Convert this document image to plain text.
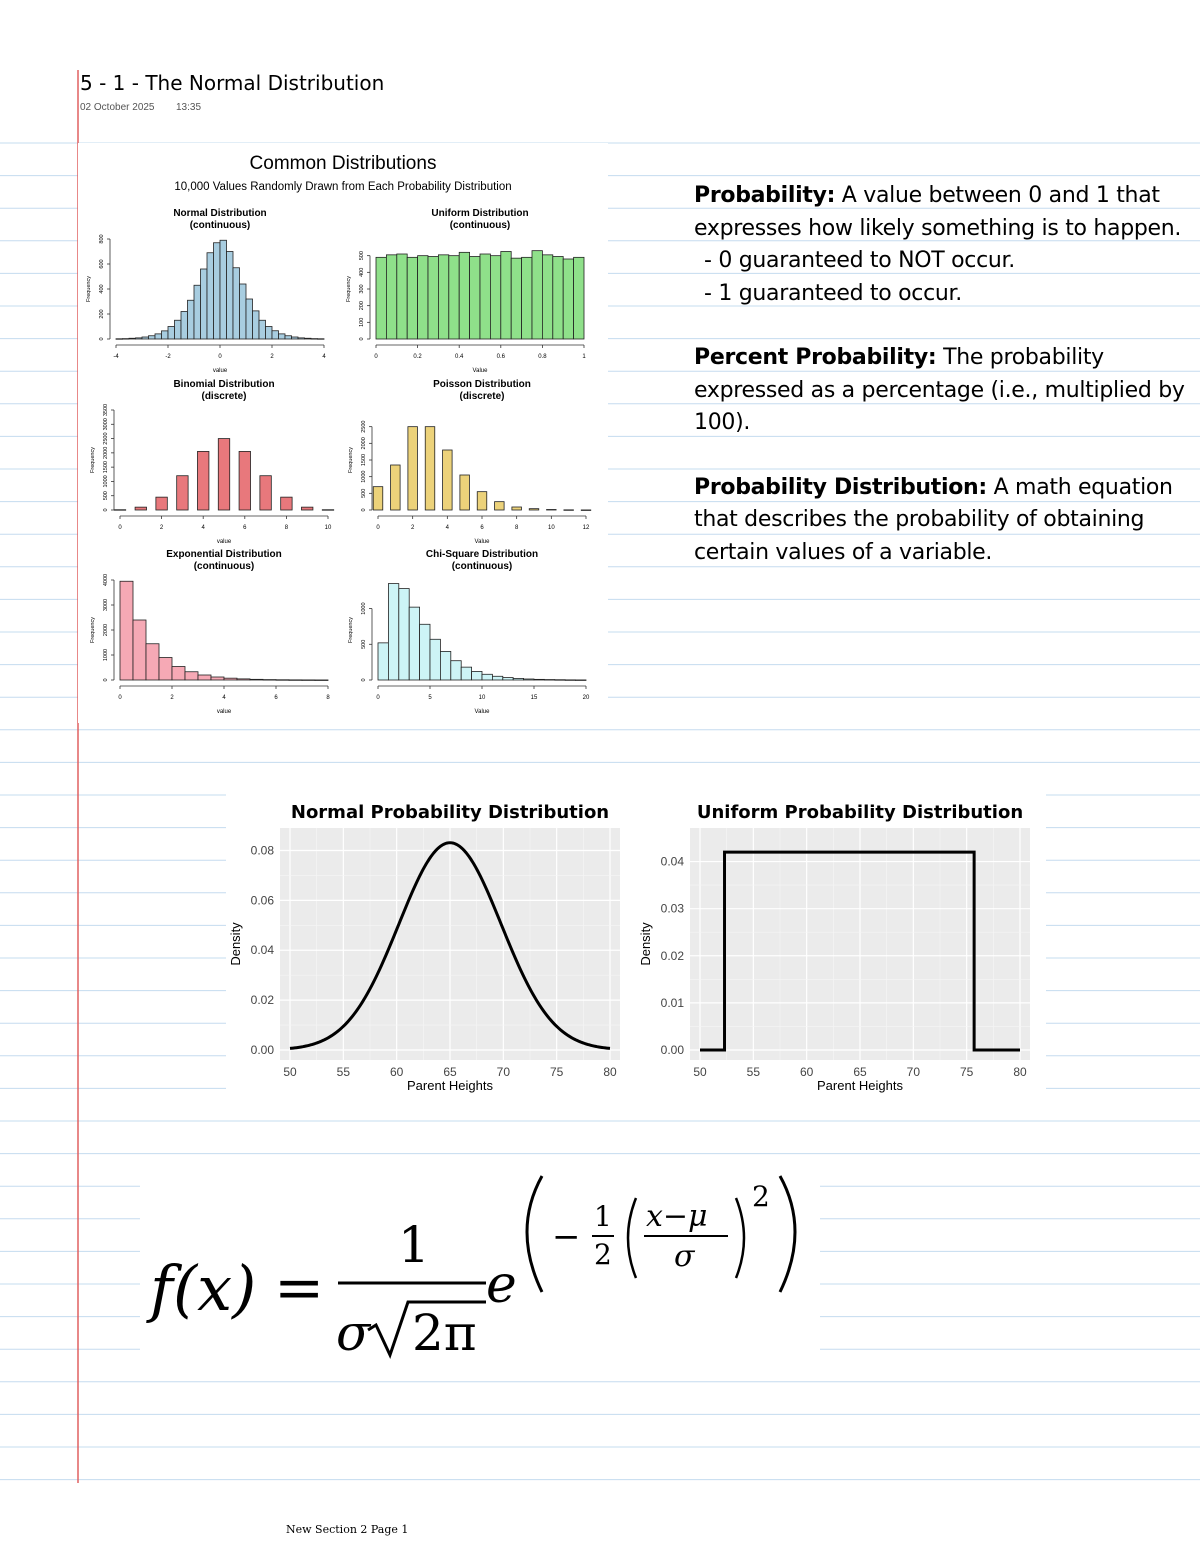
5 - 1 - The Normal Distribution
02 October 2025 13:35
Common Distributions
10,000 Values Randomly Drawn from Each Probability Distribution
Normal Distribution
(continuous)
-4	-2	0	2	4
0
200
400
600
800
value
Frequency
Uniform Distribution
(continuous)
0	0.2	0.4	0.6	0.8	1
0
100
200
300
400
500
Value
Frequency
Binomial Distribution
(discrete)
0	2	4	6	8	10
0
500
1000
1500
2000
2500
3000
3500
value
Frequency
Poisson Distribution
(discrete)
0	2	4	6	8	10	12
0
500
1000
1500
2000
2500
Value
Frequency
Exponential Distribution
(continuous)
0	2	4	6	8
0
1000
2000
3000
4000
value
Frequency
Chi-Square Distribution
(continuous)
0	5	10	15	20
0
500
1000
Value
Frequency

Probability: A value between 0 and 1 that expresses how likely something is to happen.

- 0 guaranteed to NOT occur.

- 1 guaranteed to occur.

Percent Probability: The probability expressed as a percentage (i.e., multiplied by 100).

Probability Distribution: A math equation that describes the probability of obtaining certain values of a variable.

Normal Probability Distribution
50	55	60	65	70	75	80
0.00
0.02
0.04
0.06
0.08
Parent Heights
Density
Uniform Probability Distribution
50	55	60	65	70	75	80
0.00
0.01
0.02
0.03
0.04
Parent Heights
Density
f(x) =
1
σ 2π
e
−
1
2
x−μ
σ
2
New Section 2 Page 1
